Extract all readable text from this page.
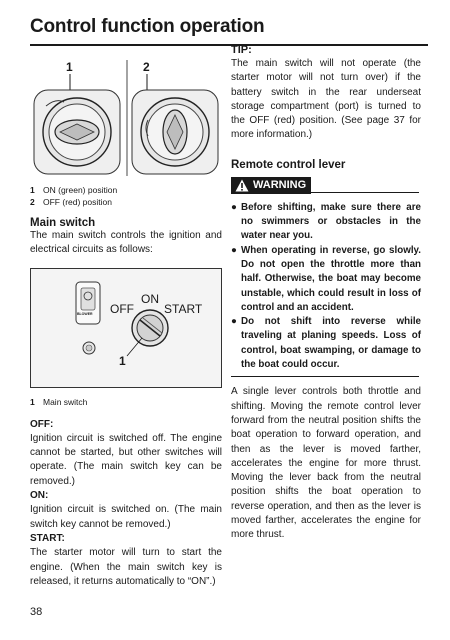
Control function operation
1	2
1 ON (green) position
2 OFF (red) position
Main switch

The main switch controls the ignition and electrical circuits as follows:

BLOWER OFF
ON
START
1
1 Main switch
OFF:

Ignition circuit is switched off. The engine cannot be started, but other switches will operate. (The main switch key can be removed.)

ON:

Ignition circuit is switched on. (The main switch key cannot be removed.)

START:

The starter motor will turn to start the engine. (When the main switch key is released, it returns automatically to “ON”.)

TIP:

The main switch will not operate (the starter motor will not turn over) if the battery switch in the rear underseat storage compartment (port) is turned to the OFF (red) position. (See page 37 for more information.)

Remote control lever
WARNING
● Before shifting, make sure there are no swimmers or obstacles in the water near you.
● When operating in reverse, go slowly. Do not open the throttle more than half. Otherwise, the boat may become unstable, which could result in loss of control and an accident.
● Do not shift into reverse while traveling at planing speeds. Loss of control, boat swamping, or damage to the boat could occur.

A single lever controls both throttle and shifting. Moving the remote control lever forward from the neutral position shifts the boat operation to forward operation, and then as the lever is moved farther, accelerates the engine for more thrust. Moving the lever back from the neutral position shifts the boat operation to reverse operation, and then as the lever is moved farther, accelerates the engine for more thrust.

38
